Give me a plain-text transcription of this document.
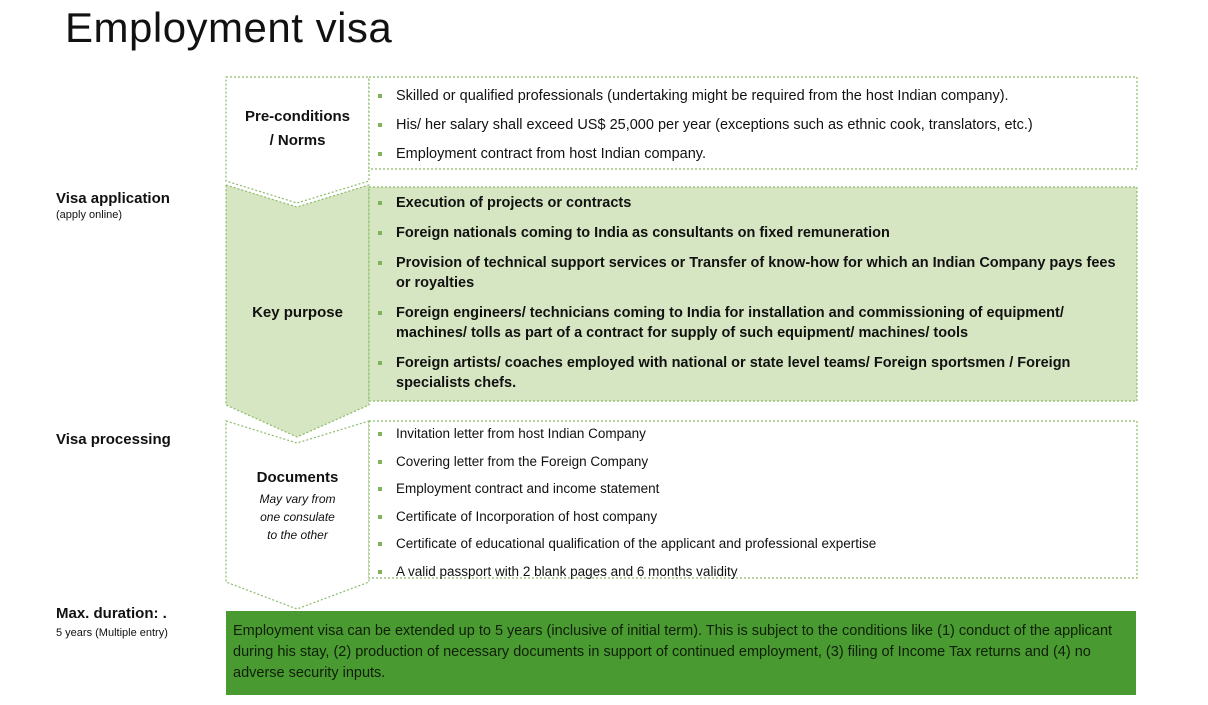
Employment visa
Visa application
(apply online)
Visa processing
Max. duration: .
5 years (Multiple entry)
Pre-conditions
/ Norms
Skilled or qualified professionals (undertaking might be required from the host Indian company).
His/ her salary shall exceed US$ 25,000 per year (exceptions such as ethnic cook, translators, etc.)
Employment contract from host Indian company.
Key purpose
Execution of projects or contracts
Foreign nationals coming to India as consultants on fixed remuneration
Provision of technical support services or Transfer of know-how for which an Indian Company pays fees or royalties
Foreign engineers/ technicians coming to India for installation and commissioning of equipment/ machines/ tolls as part of a contract for supply of such equipment/ machines/ tools
Foreign artists/ coaches employed with national or state level teams/ Foreign sportsmen / Foreign specialists chefs.
Documents
May vary from
one consulate
to the other
Invitation letter from host Indian Company
Covering letter from the Foreign Company
Employment contract and income statement
Certificate of Incorporation of host company
Certificate of educational qualification of the applicant and professional expertise
A valid passport with 2 blank pages and 6 months validity
Employment visa can be extended up to 5 years (inclusive of initial term). This is subject to the conditions like (1) conduct of the applicant during his stay, (2) production of necessary documents in support of continued employment, (3) filing of Income Tax returns and (4) no adverse security inputs.
